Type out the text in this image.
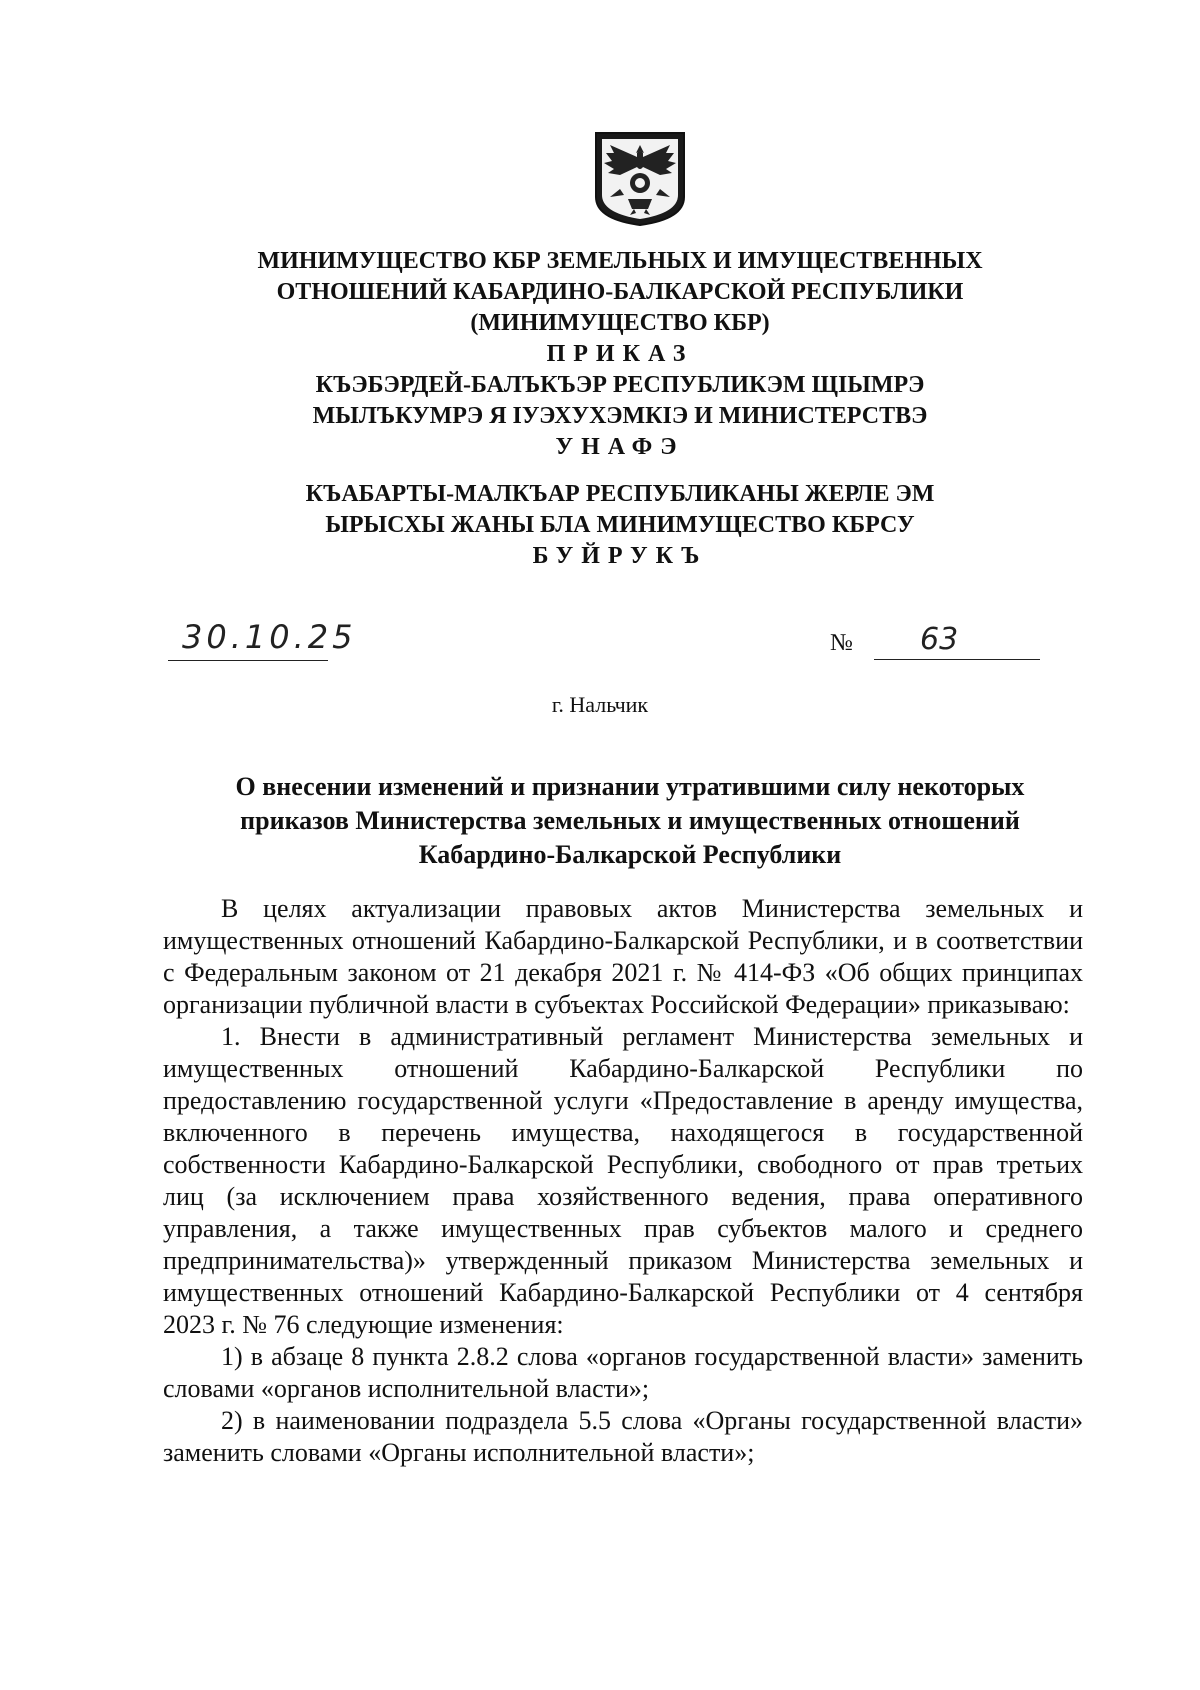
МИНИМУЩЕСТВО КБР ЗЕМЕЛЬНЫХ И ИМУЩЕСТВЕННЫХ
ОТНОШЕНИЙ КАБАРДИНО-БАЛКАРСКОЙ РЕСПУБЛИКИ
(МИНИМУЩЕСТВО КБР)
ПРИКАЗ
КЪЭБЭРДЕЙ-БАЛЪКЪЭР РЕСПУБЛИКЭМ ЩIЫМРЭ
МЫЛЪКУМРЭ Я IУЭХУХЭМКIЭ И МИНИСТЕРСТВЭ
УНАФЭ
КЪАБАРТЫ-МАЛКЪАР РЕСПУБЛИКАНЫ ЖЕРЛЕ ЭМ
ЫРЫСХЫ ЖАНЫ БЛА МИНИМУЩЕСТВО КБРСУ
БУЙРУКЪ
30.10.25	№ 63
г. Нальчик
О внесении изменений и признании утратившими силу некоторых
приказов Министерства земельных и имущественных отношений
Кабардино-Балкарской Республики

В целях актуализации правовых актов Министерства земельных и имущественных отношений Кабардино-Балкарской Республики, и в соответствии с Федеральным законом от 21 декабря 2021 г. № 414-ФЗ «Об общих принципах организации публичной власти в субъектах Российской Федерации» приказываю:

1. Внести в административный регламент Министерства земельных и имущественных отношений Кабардино-Балкарской Республики по предоставлению государственной услуги «Предоставление в аренду имущества, включенного в перечень имущества, находящегося в государственной собственности Кабардино-Балкарской Республики, свободного от прав третьих лиц (за исключением права хозяйственного ведения, права оперативного управления, а также имущественных прав субъектов малого и среднего предпринимательства)» утвержденный приказом Министерства земельных и имущественных отношений Кабардино-Балкарской Республики от 4 сентября 2023 г. № 76 следующие изменения:

1) в абзаце 8 пункта 2.8.2 слова «органов государственной власти» заменить словами «органов исполнительной власти»;

2) в наименовании подраздела 5.5 слова «Органы государственной власти» заменить словами «Органы исполнительной власти»;
